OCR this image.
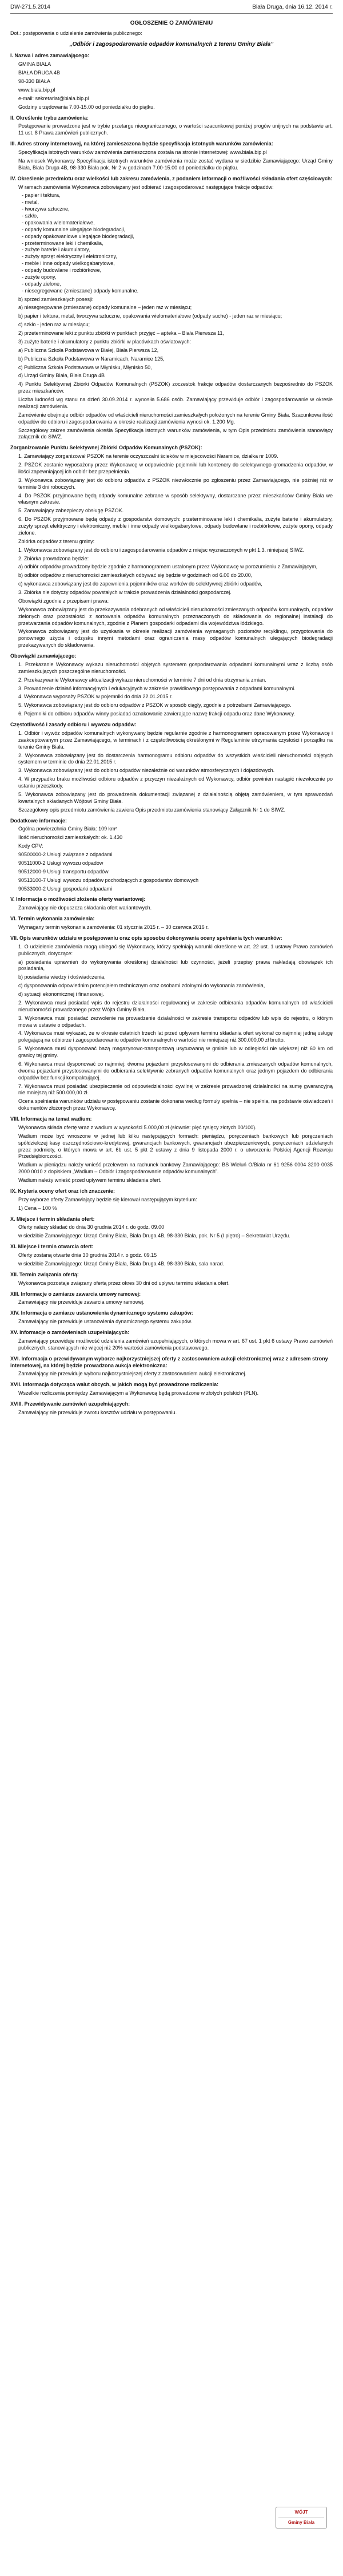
DW-271.5.2014	Biała Druga, dnia 16.12. 2014 r.
OGŁOSZENIE O ZAMÓWIENIU

Dot.: postępowania o udzielenie zamówienia publicznego:

„Odbiór i zagospodarowanie odpadów komunalnych z terenu Gminy Biała”
I. Nazwa i adres zamawiającego:

GMINA BIAŁA

BIAŁA DRUGA 4B

98-330 BIAŁA

www.biala.bip.pl

e-mail: sekretariat@biala.bip.pl

Godziny urzędowania 7.00-15.00 od poniedziałku do piątku.

II. Określenie trybu zamówienia:

Postępowanie prowadzone jest w trybie przetargu nieograniczonego, o wartości szacunkowej poniżej progów unijnych na podstawie art. 11 ust. 8 Prawa zamówień publicznych.

III. Adres strony internetowej, na której zamieszczona będzie specyfikacja istotnych warunków zamówienia:

Specyfikacja istotnych warunków zamówienia zamieszczona została na stronie internetowej: www.biala.bip.pl

Na wniosek Wykonawcy Specyfikacja istotnych warunków zamówienia może zostać wydana w siedzibie Zamawiającego: Urząd Gminy Biała, Biała Druga 4B, 98-330 Biała pok. Nr 2 w godzinach 7.00-15.00 od poniedziałku do piątku.

IV. Określenie przedmiotu oraz wielkości lub zakresu zamówienia, z podaniem informacji o możliwości składania ofert częściowych:

W ramach zamówienia Wykonawca zobowiązany jest odbierać i zagospodarować następujące frakcje odpadów:

- papier i tektura,
- metal,
- tworzywa sztuczne,
- szkło,
- opakowania wielomateriałowe,
- odpady komunalne ulegające biodegradacji,
- odpady opakowaniowe ulegające biodegradacji,
- przeterminowane leki i chemikalia,
- zużyte baterie i akumulatory,
- zużyty sprzęt elektryczny i elektroniczny,
- meble i inne odpady wielkogabarytowe,
- odpady budowlane i rozbiórkowe,
- zużyte opony,
- odpady zielone,
- niesegregowane (zmieszane) odpady komunalne.

b) sprzed zamieszkałych posesji:

a) niesegregowane (zmieszane) odpady komunalne – jeden raz w miesiącu;

b) papier i tektura, metal, tworzywa sztuczne, opakowania wielomateriałowe (odpady suche) - jeden raz w miesiącu;

c) szkło - jeden raz w miesiącu;

2) przeterminowane leki z punktu zbiórki w punktach przyjęć – apteka – Biała Pierwsza 11,

3) zużyte baterie i akumulatory z punktu zbiórki w placówkach oświatowych:

a) Publiczna Szkoła Podstawowa w Białej, Biała Pierwsza 12,

b) Publiczna Szkoła Podstawowa w Naramicach, Naramice 125,

c) Publiczna Szkoła Podstawowa w Młynisku, Młynisko 50,

d) Urząd Gminy Biała, Biała Druga 4B

4) Punktu Selektywnej Zbiórki Odpadów Komunalnych (PSZOK) zoczestok frakcje odpadów dostarczanych bezpośrednio do PSZOK przez mieszkańców.

Liczba ludności wg stanu na dzień 30.09.2014 r. wynosiła 5.686 osób. Zamawiający przewiduje odbiór i zagospodarowanie w okresie realizacji zamówienia.

Zamówienie obejmuje odbiór odpadów od właścicieli nieruchomości zamieszkałych położonych na terenie Gminy Biała. Szacunkowa ilość odpadów do odbioru i zagospodarowania w okresie realizacji zamówienia wynosi ok. 1.200 Mg.

Szczegółowy zakres zamówienia określa Specyfikacja istotnych warunków zamówienia, w tym Opis przedmiotu zamówienia stanowiący załącznik do SIWZ.

Zorganizowanie Punktu Selektywnej Zbiórki Odpadów Komunalnych (PSZOK):

1. Zamawiający zorganizował PSZOK na terenie oczyszczalni ścieków w miejscowości Naramice, działka nr 1009.

2. PSZOK zostanie wyposażony przez Wykonawcę w odpowiednie pojemniki lub kontenery do selektywnego gromadzenia odpadów, w ilości zapewniającej ich odbiór bez przepełnienia.

3. Wykonawca zobowiązany jest do odbioru odpadów z PSZOK niezwłocznie po zgłoszeniu przez Zamawiającego, nie później niż w terminie 3 dni roboczych.

4. Do PSZOK przyjmowane będą odpady komunalne zebrane w sposób selektywny, dostarczane przez mieszkańców Gminy Biała we własnym zakresie.

5. Zamawiający zabezpieczy obsługę PSZOK.

6. Do PSZOK przyjmowane będą odpady z gospodarstw domowych: przeterminowane leki i chemikalia, zużyte baterie i akumulatory, zużyty sprzęt elektryczny i elektroniczny, meble i inne odpady wielkogabarytowe, odpady budowlane i rozbiórkowe, zużyte opony, odpady zielone.

Zbiórka odpadów z terenu gminy:

1. Wykonawca zobowiązany jest do odbioru i zagospodarowania odpadów z miejsc wyznaczonych w pkt 1.3. niniejszej SIWZ.

2. Zbiórka prowadzona będzie:

a) odbiór odpadów prowadzony będzie zgodnie z harmonogramem ustalonym przez Wykonawcę w porozumieniu z Zamawiającym,

b) odbiór odpadów z nieruchomości zamieszkałych odbywać się będzie w godzinach od 6.00 do 20.00,

c) wykonawca zobowiązany jest do zapewnienia pojemników oraz worków do selektywnej zbiórki odpadów,

3. Zbiórka nie dotyczy odpadów powstałych w trakcie prowadzenia działalności gospodarczej.

Obowiązki zgodnie z przepisami prawa:

Wykonawca zobowiązany jest do przekazywania odebranych od właścicieli nieruchomości zmieszanych odpadów komunalnych, odpadów zielonych oraz pozostałości z sortowania odpadów komunalnych przeznaczonych do składowania do regionalnej instalacji do przetwarzania odpadów komunalnych, zgodnie z Planem gospodarki odpadami dla województwa łódzkiego.

Wykonawca zobowiązany jest do uzyskania w okresie realizacji zamówienia wymaganych poziomów recyklingu, przygotowania do ponownego użycia i odzysku innymi metodami oraz ograniczenia masy odpadów komunalnych ulegających biodegradacji przekazywanych do składowania.

Obowiązki zamawiającego:

1. Przekazanie Wykonawcy wykazu nieruchomości objętych systemem gospodarowania odpadami komunalnymi wraz z liczbą osób zamieszkujących poszczególne nieruchomości.

2. Przekazywanie Wykonawcy aktualizacji wykazu nieruchomości w terminie 7 dni od dnia otrzymania zmian.

3. Prowadzenie działań informacyjnych i edukacyjnych w zakresie prawidłowego postępowania z odpadami komunalnymi.

4. Wykonawca wyposaży PSZOK w pojemniki do dnia 22.01.2015 r.

5. Wykonawca zobowiązany jest do odbioru odpadów z PSZOK w sposób ciągły, zgodnie z potrzebami Zamawiającego.

6. Pojemniki do odbioru odpadów winny posiadać oznakowanie zawierające nazwę frakcji odpadu oraz dane Wykonawcy.

Częstotliwość i zasady odbioru i wywozu odpadów:

1. Odbiór i wywóz odpadów komunalnych wykonywany będzie regularnie zgodnie z harmonogramem opracowanym przez Wykonawcę i zaakceptowanym przez Zamawiającego, w terminach i z częstotliwością określonymi w Regulaminie utrzymania czystości i porządku na terenie Gminy Biała.

2. Wykonawca zobowiązany jest do dostarczenia harmonogramu odbioru odpadów do wszystkich właścicieli nieruchomości objętych systemem w terminie do dnia 22.01.2015 r.

3. Wykonawca zobowiązany jest do odbioru odpadów niezależnie od warunków atmosferycznych i dojazdowych.

4. W przypadku braku możliwości odbioru odpadów z przyczyn niezależnych od Wykonawcy, odbiór powinien nastąpić niezwłocznie po ustaniu przeszkody.

5. Wykonawca zobowiązany jest do prowadzenia dokumentacji związanej z działalnością objętą zamówieniem, w tym sprawozdań kwartalnych składanych Wójtowi Gminy Biała.

Szczegółowy opis przedmiotu zamówienia zawiera Opis przedmiotu zamówienia stanowiący Załącznik Nr 1 do SIWZ.

Dodatkowe informacje:

Ogólna powierzchnia Gminy Biała: 109 km²

Ilość nieruchomości zamieszkałych: ok. 1.430

Kody CPV:

90500000-2 Usługi związane z odpadami

90511000-2 Usługi wywozu odpadów

90512000-9 Usługi transportu odpadów

90513100-7 Usługi wywozu odpadów pochodzących z gospodarstw domowych

90533000-2 Usługi gospodarki odpadami

V. Informacja o możliwości złożenia oferty wariantowej:

Zamawiający nie dopuszcza składania ofert wariantowych.

VI. Termin wykonania zamówienia:

Wymagany termin wykonania zamówienia: 01 stycznia 2015 r. – 30 czerwca 2016 r.

VII. Opis warunków udziału w postępowaniu oraz opis sposobu dokonywania oceny spełniania tych warunków:

1. O udzielenie zamówienia mogą ubiegać się Wykonawcy, którzy spełniają warunki określone w art. 22 ust. 1 ustawy Prawo zamówień publicznych, dotyczące:

a) posiadania uprawnień do wykonywania określonej działalności lub czynności, jeżeli przepisy prawa nakładają obowiązek ich posiadania,

b) posiadania wiedzy i doświadczenia,

c) dysponowania odpowiednim potencjałem technicznym oraz osobami zdolnymi do wykonania zamówienia,

d) sytuacji ekonomicznej i finansowej.

2. Wykonawca musi posiadać wpis do rejestru działalności regulowanej w zakresie odbierania odpadów komunalnych od właścicieli nieruchomości prowadzonego przez Wójta Gminy Biała.

3. Wykonawca musi posiadać zezwolenie na prowadzenie działalności w zakresie transportu odpadów lub wpis do rejestru, o którym mowa w ustawie o odpadach.

4. Wykonawca musi wykazać, że w okresie ostatnich trzech lat przed upływem terminu składania ofert wykonał co najmniej jedną usługę polegającą na odbiorze i zagospodarowaniu odpadów komunalnych o wartości nie mniejszej niż 300.000,00 zł brutto.

5. Wykonawca musi dysponować bazą magazynowo-transportową usytuowaną w gminie lub w odległości nie większej niż 60 km od granicy tej gminy.

6. Wykonawca musi dysponować co najmniej: dwoma pojazdami przystosowanymi do odbierania zmieszanych odpadów komunalnych, dwoma pojazdami przystosowanymi do odbierania selektywnie zebranych odpadów komunalnych oraz jednym pojazdem do odbierania odpadów bez funkcji kompaktującej.

7. Wykonawca musi posiadać ubezpieczenie od odpowiedzialności cywilnej w zakresie prowadzonej działalności na sumę gwarancyjną nie mniejszą niż 500.000,00 zł.

Ocena spełniania warunków udziału w postępowaniu zostanie dokonana według formuły spełnia – nie spełnia, na podstawie oświadczeń i dokumentów złożonych przez Wykonawcę.

VIII. Informacja na temat wadium:

Wykonawca składa ofertę wraz z wadium w wysokości 5.000,00 zł (słownie: pięć tysięcy złotych 00/100).

Wadium może być wnoszone w jednej lub kilku następujących formach: pieniądzu, poręczeniach bankowych lub poręczeniach spółdzielczej kasy oszczędnościowo-kredytowej, gwarancjach bankowych, gwarancjach ubezpieczeniowych, poręczeniach udzielanych przez podmioty, o których mowa w art. 6b ust. 5 pkt 2 ustawy z dnia 9 listopada 2000 r. o utworzeniu Polskiej Agencji Rozwoju Przedsiębiorczości.

Wadium w pieniądzu należy wnieść przelewem na rachunek bankowy Zamawiającego: BS Wieluń O/Biała nr 61 9256 0004 3200 0035 2000 0010 z dopiskiem „Wadium – Odbiór i zagospodarowanie odpadów komunalnych”.

Wadium należy wnieść przed upływem terminu składania ofert.

IX. Kryteria oceny ofert oraz ich znaczenie:

Przy wyborze oferty Zamawiający będzie się kierował następującym kryterium:

1) Cena – 100 %

X. Miejsce i termin składania ofert:

Oferty należy składać do dnia 30 grudnia 2014 r. do godz. 09.00

w siedzibie Zamawiającego: Urząd Gminy Biała, Biała Druga 4B, 98-330 Biała, pok. Nr 5 (I piętro) – Sekretariat Urzędu.

XI. Miejsce i termin otwarcia ofert:

Oferty zostaną otwarte dnia 30 grudnia 2014 r. o godz. 09.15

w siedzibie Zamawiającego: Urząd Gminy Biała, Biała Druga 4B, 98-330 Biała, sala narad.

XII. Termin związania ofertą:

Wykonawca pozostaje związany ofertą przez okres 30 dni od upływu terminu składania ofert.

XIII. Informacje o zamiarze zawarcia umowy ramowej:

Zamawiający nie przewiduje zawarcia umowy ramowej.

XIV. Informacja o zamiarze ustanowienia dynamicznego systemu zakupów:

Zamawiający nie przewiduje ustanowienia dynamicznego systemu zakupów.

XV. Informacje o zamówieniach uzupełniających:

Zamawiający przewiduje możliwość udzielenia zamówień uzupełniających, o których mowa w art. 67 ust. 1 pkt 6 ustawy Prawo zamówień publicznych, stanowiących nie więcej niż 20% wartości zamówienia podstawowego.

XVI. Informacja o przewidywanym wyborze najkorzystniejszej oferty z zastosowaniem aukcji elektronicznej wraz z adresem strony internetowej, na której będzie prowadzona aukcja elektroniczna:

Zamawiający nie przewiduje wyboru najkorzystniejszej oferty z zastosowaniem aukcji elektronicznej.

XVII. Informacja dotycząca walut obcych, w jakich mogą być prowadzone rozliczenia:

Wszelkie rozliczenia pomiędzy Zamawiającym a Wykonawcą będą prowadzone w złotych polskich (PLN).

XVIII. Przewidywanie zamówień uzupełniających:

Zamawiający nie przewiduje zwrotu kosztów udziału w postępowaniu.

WÓJT
Gminy Biała
